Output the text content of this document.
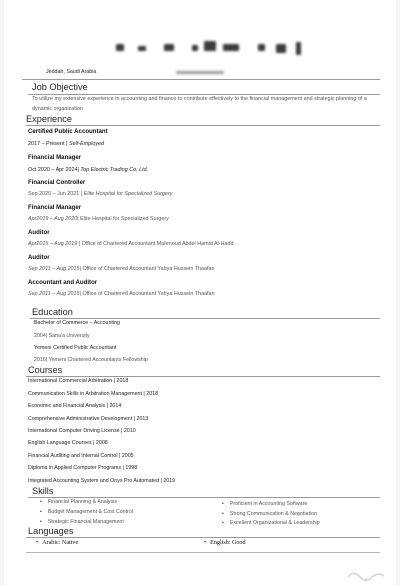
Jeddah, Saudi Arabia
Job Objective
To utilize my extensive experience in accounting and finance to contribute effectively to the financial management and strategic planning of a dynamic organization
Experience
Certified Public Accountant
2017 – Present | Self-Employed
Financial Manager
Oct 2020 – Apr 2024| Top Electric Trading Co. Ltd.
Financial Controller
Sep 2020 – Jun 2021 | Elite Hospital for Specialized Surgery
Financial Manager
Apr2019 – Aug 2020| Elite Hospital for Specialized Surgery
Auditor
Apr2015 – Aug 2019 | Office of Chartered Accountant Mahmoud Abdel Hamid Al-Hadd
Auditor
Sep 2011 – Aug 2015| Office of Chartered Accountant Yahya Hussein Thaafan
Accountant and Auditor
Sep 2011 – Aug 2015| Office of Chartered Accountant Yahya Hussein Thaafan
Education
Bachelor of Commerce – Accounting
2004| Sana'a University
Yemeni Certified Public Accountant
2016| Yemeni Chartered Accountants Fellowship
Courses
International Commercial Arbitration | 2018
Communication Skills in Arbitration Management | 2018
Economic and Financial Analysis | 2014
Comprehensive Administrative Development | 2013
International Computer Driving License | 2010
English Language Courses | 2008
Financial Auditing and Internal Control | 2005
Diploma in Applied Computer Programs | 1998
Integrated Accounting System and Onyx Pro Automated | 2019
Skills
• Financial Planning & Analysis
• Budget Management & Cost Control
• Strategic Financial Management
• Proficient in Accounting Software
• Strong Communication & Negotiation
• Excellent Organizational & Leadership
Languages
• Arabic: Native	• English: Good
